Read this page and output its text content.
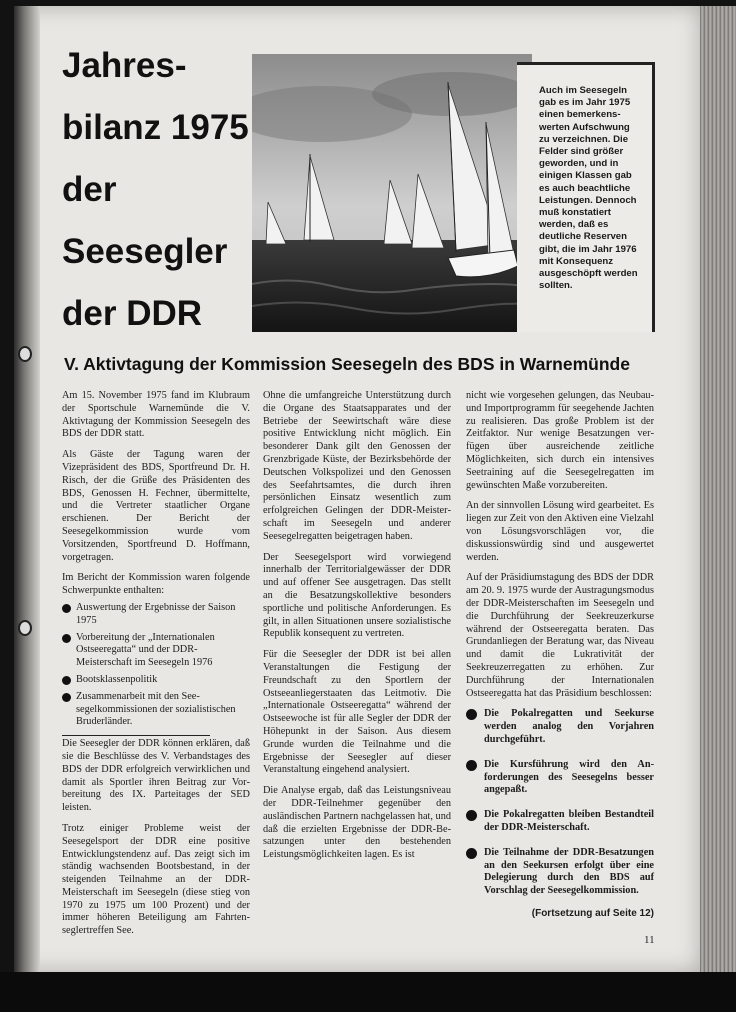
Jahres-
bilanz 1975
der
Seesegler
der DDR
Auch im Seesegeln gab es im Jahr 1975 einen bemerkenswerten Aufschwung zu verzeichnen. Die Felder sind größer geworden, und in einigen Klassen gab es auch beachtliche Leistungen. Dennoch muß konstatiert werden, daß es deutliche Reserven gibt, die im Jahr 1976 mit Konsequenz ausgeschöpft werden sollten.
V. Aktivtagung der Kommission Seesegeln des BDS in Warnemünde

Am 15. November 1975 fand im Klubraum der Sportschule Warnemünde die V. Aktivtagung der Kommission Seesegeln des BDS der DDR statt.

Als Gäste der Tagung waren der Vizepräsident des BDS, Sportfreund Dr. H. Risch, der die Grüße des Präsidenten des BDS, Genossen H. Fechner, übermittelte, und die Vertreter staatlicher Organe erschienen. Der Bericht der Seesegelkommission wurde vom Vorsitzenden, Sportfreund D. Hoffmann, vorgetragen.

Im Bericht der Kommission waren folgende Schwerpunkte enthalten:

Auswertung der Ergebnisse der Saison 1975
Vorbereitung der „Internationalen Ostseeregatta“ und der DDR-Meisterschaft im Seesegeln 1976
Bootsklassenpolitik
Zusammenarbeit mit den Seesegelkommissionen der sozialistischen Bruderländer.

Die Seesegler der DDR können erklären, daß sie die Beschlüsse des V. Verbandstages des BDS der DDR erfolgreich verwirklichen und damit als Sportler ihren Beitrag zur Vorbereitung des IX. Parteitages der SED leisten.

Trotz einiger Probleme weist der Seesegelsport der DDR eine positive Entwicklungstendenz auf. Das zeigt sich im ständig wachsenden Bootsbestand, in der steigenden Teilnahme an der DDR-Meisterschaft im Seesegeln (diese stieg von 1970 zu 1975 um 100 Prozent) und der immer höheren Beteiligung am Fahrtenseglertreffen See.

Ohne die umfangreiche Unterstützung durch die Organe des Staatsapparates und der Betriebe der Seewirtschaft wäre diese positive Entwicklung nicht möglich. Ein besonderer Dank gilt den Genossen der Grenzbrigade Küste, der Bezirksbehörde der Deutschen Volkspolizei und den Genossen des Seefahrtsamtes, die durch ihren persönlichen Einsatz wesentlich zum erfolgreichen Gelingen der DDR-Meisterschaft im Seesegeln und anderer Seesegelregatten beigetragen haben.

Der Seesegelsport wird vorwiegend innerhalb der Territorialgewässer der DDR und auf offener See ausgetragen. Das stellt an die Besatzungskollektive besonders sportliche und politische Anforderungen. Es gilt, in allen Situationen unsere sozialistische Republik konsequent zu vertreten.

Für die Seesegler der DDR ist bei allen Veranstaltungen die Festigung der Freundschaft zu den Sportlern der Ostseeanliegerstaaten das Leitmotiv. Die „Internationale Ostseeregatta“ während der Ostseewoche ist für alle Segler der DDR der Höhepunkt in der Saison. Aus diesem Grunde wurden die Teilnahme und die Ergebnisse der Seesegler auf dieser Veranstaltung eingehend analysiert.

Die Analyse ergab, daß das Leistungsniveau der DDR-Teilnehmer gegenüber den ausländischen Partnern nachgelassen hat, und daß die erzielten Ergebnisse der DDR-Besatzungen unter den bestehenden Leistungsmöglichkeiten lagen. Es ist

nicht wie vorgesehen gelungen, das Neubau- und Importprogramm für seegehende Jachten zu realisieren. Das große Problem ist der Zeitfaktor. Nur wenige Besatzungen verfügen über ausreichende zeitliche Möglichkeiten, sich durch ein intensives Seetraining auf die Seesegelregatten im gewünschten Maße vorzubereiten.

An der sinnvollen Lösung wird gearbeitet. Es liegen zur Zeit von den Aktiven eine Vielzahl von Lösungsvorschlägen vor, die diskussionswürdig sind und ausgewertet werden.

Auf der Präsidiumstagung des BDS der DDR am 20. 9. 1975 wurde der Austragungsmodus der DDR-Meisterschaften im Seesegeln und die Durchführung der Seekreuzerkurse während der Ostseeregatta beraten. Das Grundanliegen der Beratung war, das Niveau und damit die Lukrativität der Seekreuzerregatten zu erhöhen. Zur Durchführung der Internationalen Ostseeregatta hat das Präsidium beschlossen:

Die Pokalregatten und Seekurse werden analog den Vorjahren durchgeführt.
Die Kursführung wird den Anforderungen des Seesegelns besser angepaßt.
Die Pokalregatten bleiben Bestandteil der DDR-Meisterschaft.
Die Teilnahme der DDR-Besatzungen an den Seekursen erfolgt über eine Delegierung durch den BDS auf Vorschlag der Seesegelkommission.
(Fortsetzung auf Seite 12)
11
